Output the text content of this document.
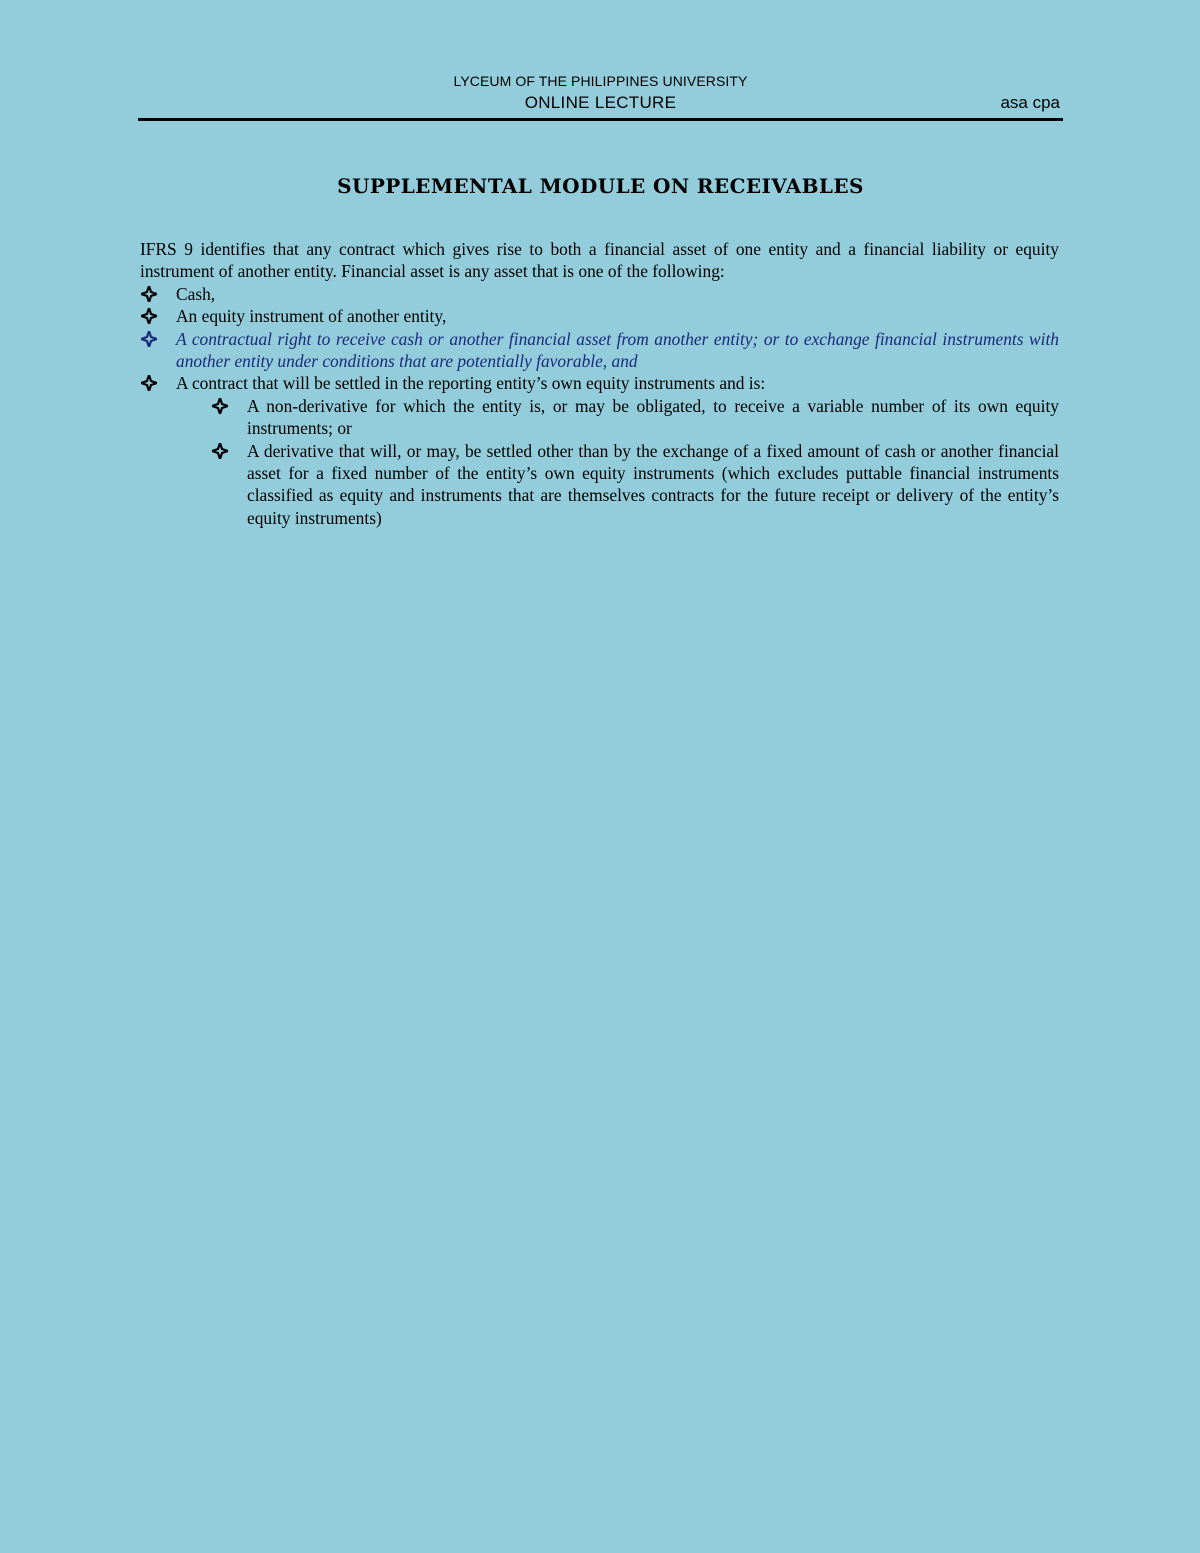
LYCEUM OF THE PHILIPPINES UNIVERSITY
ONLINE LECTURE	asa cpa
SUPPLEMENTAL MODULE ON RECEIVABLES

IFRS 9 identifies that any contract which gives rise to both a financial asset of one entity and a financial liability or equity instrument of another entity. Financial asset is any asset that is one of the following:

Cash,
An equity instrument of another entity,
A contractual right to receive cash or another financial asset from another entity; or to exchange financial instruments with another entity under conditions that are potentially favorable, and
A contract that will be settled in the reporting entity’s own equity instruments and is:
A non-derivative for which the entity is, or may be obligated, to receive a variable number of its own equity instruments; or
A derivative that will, or may, be settled other than by the exchange of a fixed amount of cash or another financial asset for a fixed number of the entity’s own equity instruments (which excludes puttable financial instruments classified as equity and instruments that are themselves contracts for the future receipt or delivery of the entity’s equity instruments)
